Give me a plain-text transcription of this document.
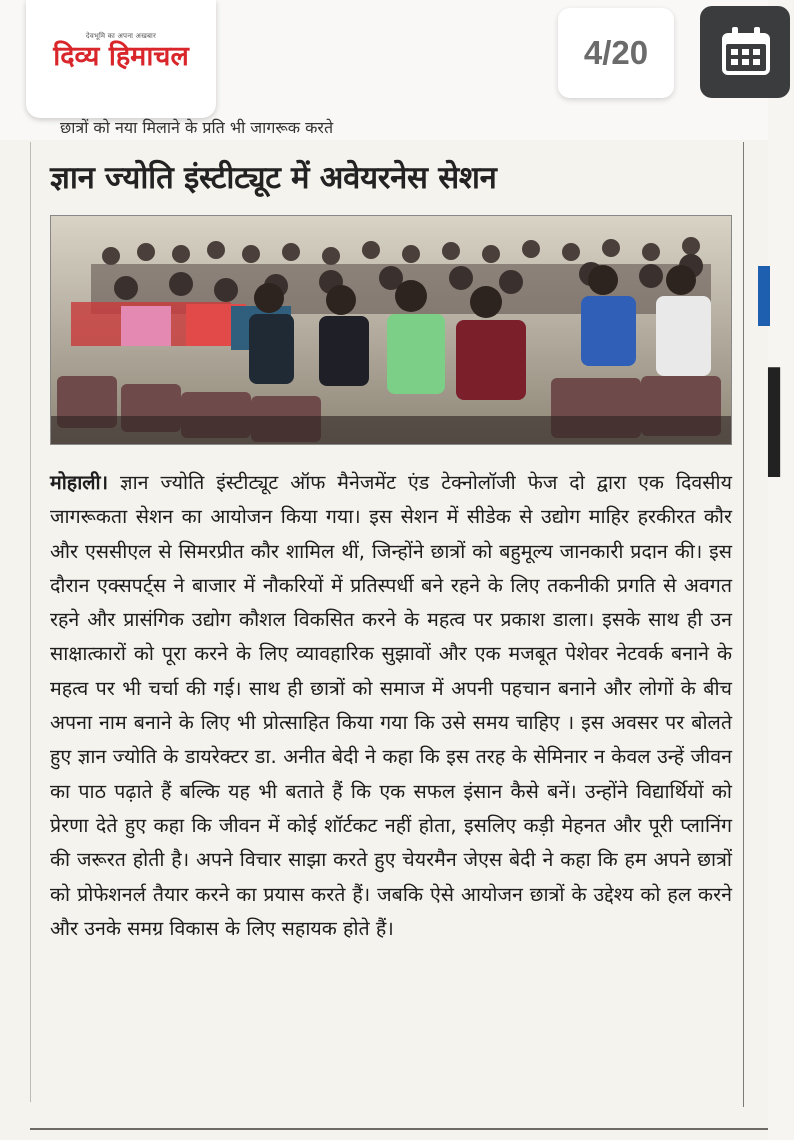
देवभूमि का अपना अखबार
दिव्य हिमाचल	4/20
छात्रों को नया मिलाने के प्रति भी जागरूक करते
ज्ञान ज्योति इंस्टीट्यूट में अवेयरनेस सेशन
मोहाली। ज्ञान ज्योति इंस्टीट्यूट ऑफ मैनेजमेंट एंड टेक्नोलॉजी फेज दो द्वारा एक दिवसीय जागरूकता सेशन का आयोजन किया गया। इस सेशन में सीडेक से उद्योग माहिर हरकीरत कौर और एससीएल से सिमरप्रीत कौर शामिल थीं, जिन्होंने छात्रों को बहुमूल्य जानकारी प्रदान की। इस दौरान एक्सपर्ट्स ने बाजार में नौकरियों में प्रतिस्पर्धी बने रहने के लिए तकनीकी प्रगति से अवगत रहने और प्रासंगिक उद्योग कौशल विकसित करने के महत्व पर प्रकाश डाला। इसके साथ ही उन साक्षात्कारों को पूरा करने के लिए व्यावहारिक सुझावों और एक मजबूत पेशेवर नेटवर्क बनाने के महत्व पर भी चर्चा की गई। साथ ही छात्रों को समाज में अपनी पहचान बनाने और लोगों के बीच अपना नाम बनाने के लिए भी प्रोत्साहित किया गया कि उसे समय चाहिए । इस अवसर पर बोलते हुए ज्ञान ज्योति के डायरेक्टर डा. अनीत बेदी ने कहा कि इस तरह के सेमिनार न केवल उन्हें जीवन का पाठ पढ़ाते हैं बल्कि यह भी बताते हैं कि एक सफल इंसान कैसे बनें। उन्होंने विद्यार्थियों को प्रेरणा देते हुए कहा कि जीवन में कोई शॉर्टकट नहीं होता, इसलिए कड़ी मेहनत और पूरी प्लानिंग की जरूरत होती है। अपने विचार साझा करते हुए चेयरमैन जेएस बेदी ने कहा कि हम अपने छात्रों को प्रोफेशनर्ल तैयार करने का प्रयास करते हैं। जबकि ऐसे आयोजन छात्रों के उद्देश्य को हल करने और उनके समग्र विकास के लिए सहायक होते हैं।
|
